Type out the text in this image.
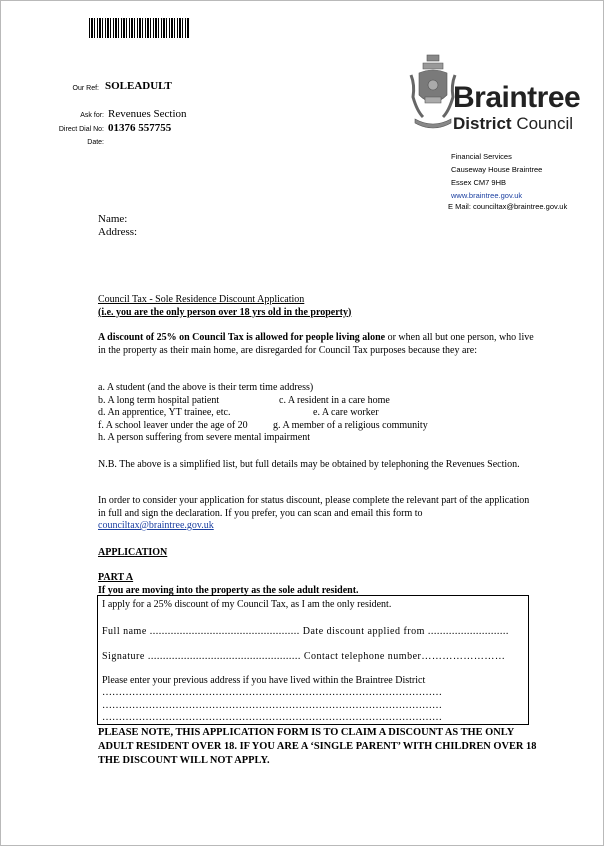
Our Ref: SOLEADULT
Ask for: Revenues Section
Direct Dial No: 01376 557755
Date:
Braintree
District Council
Financial Services
Causeway House Braintree
Essex CM7 9HB
www.braintree.gov.uk
E Mail: counciltax@braintree.gov.uk
Name:
Address:
Council Tax - Sole Residence Discount Application
(i.e. you are the only person over 18 yrs old in the property)
A discount of 25% on Council Tax is allowed for people living alone or when all but one person, who live in the property as their main home, are disregarded for Council Tax purposes because they are:
a. A student (and the above is their term time address)
b. A long term hospital patient	c. A resident in a care home
d. An apprentice, YT trainee, etc.	e. A care worker
f. A school leaver under the age of 20	g. A member of a religious community
h. A person suffering from severe mental impairment
N.B. The above is a simplified list, but full details may be obtained by telephoning the Revenues Section.
In order to consider your application for status discount, please complete the relevant part of the application in full and sign the declaration. If you prefer, you can scan and email this form to counciltax@braintree.gov.uk
APPLICATION
PART A
If you are moving into the property as the sole adult resident.
I apply for a 25% discount of my Council Tax, as I am the only resident.
Full name .................................................. Date discount applied from ...........................
Signature ................................................... Contact telephone number……………………
Please enter your previous address if you have lived within the Braintree District
…………………………………………………………………………………………
…………………………………………………………………………………………
…………………………………………………………………………………………
PLEASE NOTE, THIS APPLICATION FORM IS TO CLAIM A DISCOUNT AS THE ONLY ADULT RESIDENT OVER 18. IF YOU ARE A ‘SINGLE PARENT’ WITH CHILDREN OVER 18 THE DISCOUNT WILL NOT APPLY.
